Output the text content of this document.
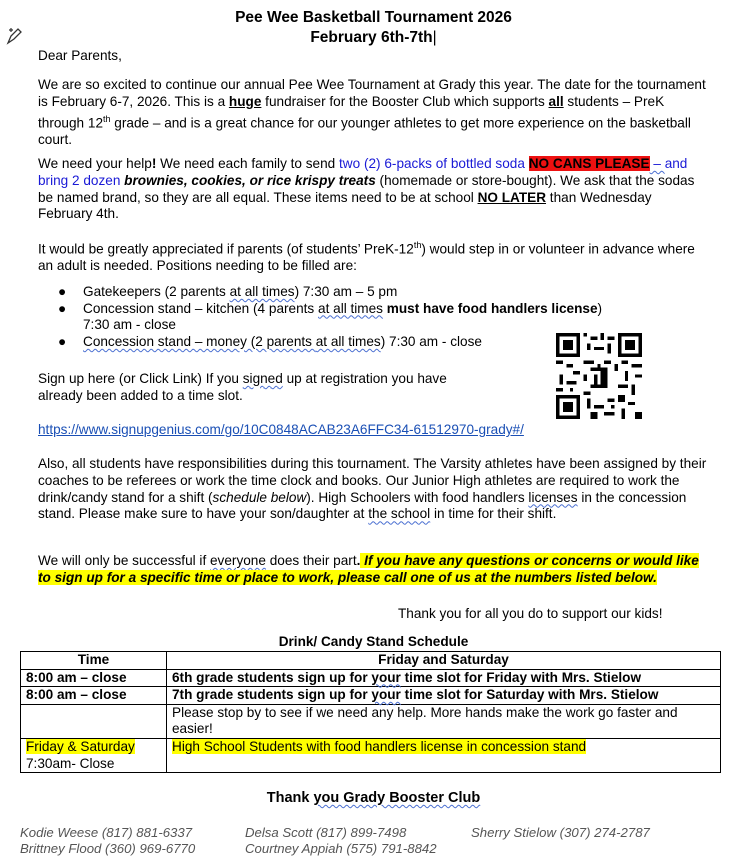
Pee Wee Basketball Tournament 2026
February 6th-7th|
Dear Parents,
We are so excited to continue our annual Pee Wee Tournament at Grady this year. The date for the tournament is February 6-7, 2026. This is a huge fundraiser for the Booster Club which supports all students – PreK through 12th grade – and is a great chance for our younger athletes to get more experience on the basketball court.
We need your help! We need each family to send two (2) 6-packs of bottled soda NO CANS PLEASE – and bring 2 dozen brownies, cookies, or rice krispy treats (homemade or store-bought). We ask that the sodas be named brand, so they are all equal. These items need to be at school NO LATER than Wednesday February 4th.
It would be greatly appreciated if parents (of students’ PreK-12th) would step in or volunteer in advance where an adult is needed. Positions needing to be filled are:
● Gatekeepers (2 parents at all times) 7:30 am – 5 pm
● Concession stand – kitchen (4 parents at all times must have food handlers license)
7:30 am - close
● Concession stand – money (2 parents at all times) 7:30 am - close
Sign up here (or Click Link) If you signed up at registration you have already been added to a time slot.
https://www.signupgenius.com/go/10C0848ACAB23A6FFC34-61512970-grady#/
Also, all students have responsibilities during this tournament. The Varsity athletes have been assigned by their coaches to be referees or work the time clock and books. Our Junior High athletes are required to work the drink/candy stand for a shift (schedule below). High Schoolers with food handlers licenses in the concession stand. Please make sure to have your son/daughter at the school in time for their shift.
We will only be successful if everyone does their part. If you have any questions or concerns or would like to sign up for a specific time or place to work, please call one of us at the numbers listed below.
Thank you for all you do to support our kids!
Drink/ Candy Stand Schedule
Time	Friday and Saturday
8:00 am – close	6th grade students sign up for your time slot for Friday with Mrs. Stielow
8:00 am – close	7th grade students sign up for your time slot for Saturday with Mrs. Stielow
	Please stop by to see if we need any help. More hands make the work go faster and easier!
Friday & Saturday
7:30am- Close	High School Students with food handlers license in concession stand
Thank you Grady Booster Club
Kodie Weese (817) 881-6337	Delsa Scott (817) 899-7498	Sherry Stielow (307) 274-2787
Brittney Flood (360) 969-6770	Courtney Appiah (575) 791-8842
